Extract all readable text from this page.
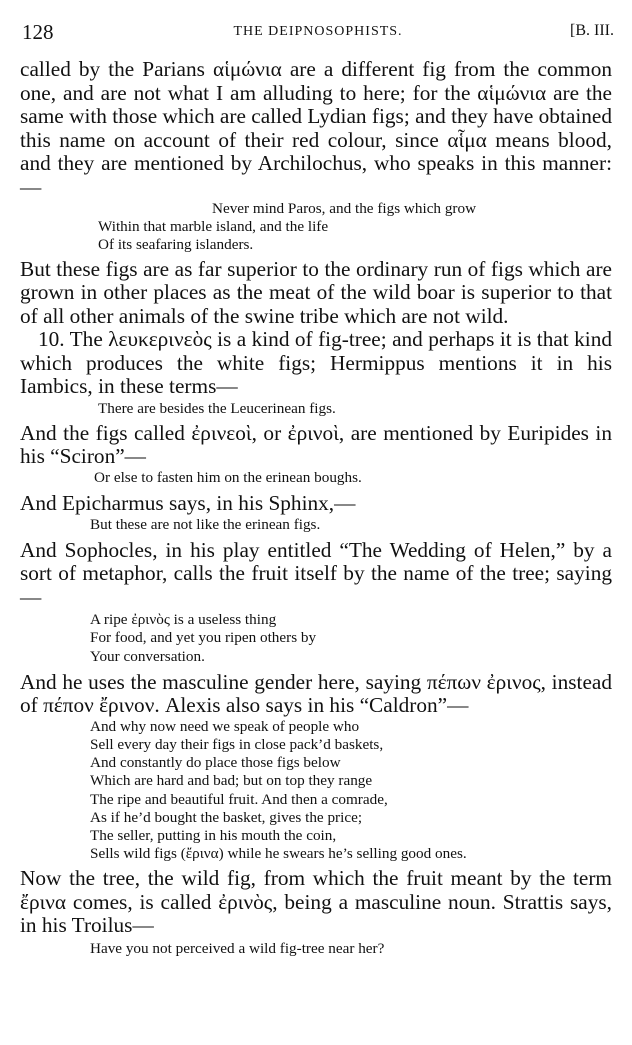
128	THE DEIPNOSOPHISTS.	[B. III.

called by the Parians αἱμώνια are a different fig from the common one, and are not what I am alluding to here; for the αἱμώνια are the same with those which are called Lydian figs; and they have obtained this name on account of their red colour, since αἷμα means blood, and they are mentioned by Archilochus, who speaks in this manner:—

Never mind Paros, and the figs which grow
Within that marble island, and the life
Of its seafaring islanders.

But these figs are as far superior to the ordinary run of figs which are grown in other places as the meat of the wild boar is superior to that of all other animals of the swine tribe which are not wild.

10. The λευκερινεὸς is a kind of fig-tree; and perhaps it is that kind which produces the white figs; Hermippus mentions it in his Iambics, in these terms—

There are besides the Leucerinean figs.

And the figs called ἐρινεοὶ, or ἐρινοὶ, are mentioned by Euripides in his “Sciron”—

Or else to fasten him on the erinean boughs.

And Epicharmus says, in his Sphinx,—

But these are not like the erinean figs.

And Sophocles, in his play entitled “The Wedding of Helen,” by a sort of metaphor, calls the fruit itself by the name of the tree; saying—

A ripe ἐρινὸς is a useless thing
For food, and yet you ripen others by
Your conversation.

And he uses the masculine gender here, saying πέπων ἐρινος, instead of πέπον ἔρινον. Alexis also says in his “Caldron”—

And why now need we speak of people who
Sell every day their figs in close pack’d baskets,
And constantly do place those figs below
Which are hard and bad; but on top they range
The ripe and beautiful fruit. And then a comrade,
As if he’d bought the basket, gives the price;
The seller, putting in his mouth the coin,
Sells wild figs (ἔρινα) while he swears he’s selling good ones.

Now the tree, the wild fig, from which the fruit meant by the term ἔρινα comes, is called ἐρινὸς, being a masculine noun. Strattis says, in his Troilus—

Have you not perceived a wild fig-tree near her?
